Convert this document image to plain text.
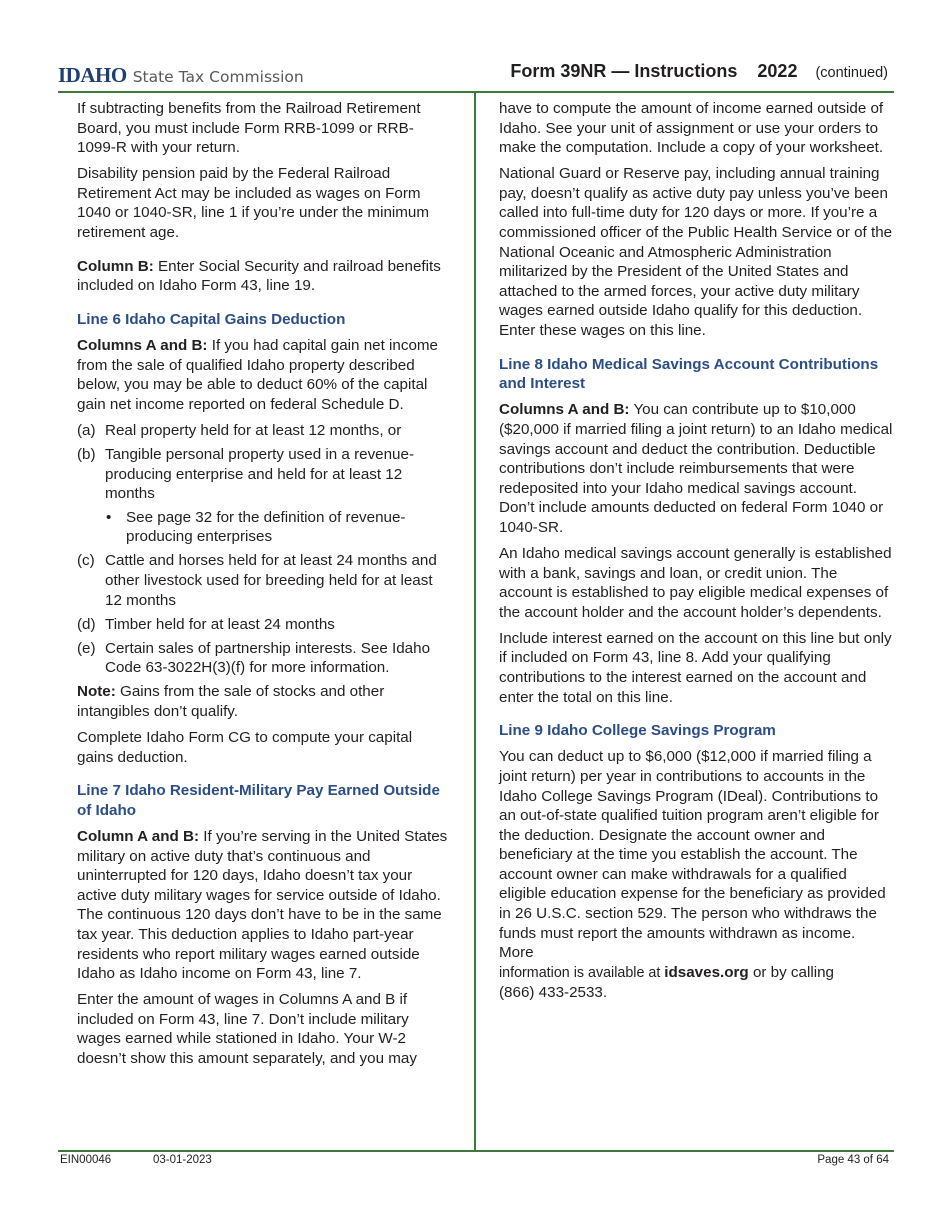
IDAHO State Tax Commission	Form 39NR — Instructions 2022 (continued)

If subtracting benefits from the Railroad Retirement Board, you must include Form RRB-1099 or RRB-1099-R with your return.

Disability pension paid by the Federal Railroad Retirement Act may be included as wages on Form 1040 or 1040-SR, line 1 if you’re under the minimum retirement age.

Column B: Enter Social Security and railroad benefits included on Idaho Form 43, line 19.

Line 6 Idaho Capital Gains Deduction

Columns A and B: If you had capital gain net income from the sale of qualified Idaho property described below, you may be able to deduct 60% of the capital gain net income reported on federal Schedule D.

(a) Real property held for at least 12 months, or
(b) Tangible personal property used in a revenue-producing enterprise and held for at least 12 months
• See page 32 for the definition of revenue-producing enterprises
(c) Cattle and horses held for at least 24 months and other livestock used for breeding held for at least 12 months
(d) Timber held for at least 24 months
(e) Certain sales of partnership interests. See Idaho Code 63-3022H(3)(f) for more information.

Note: Gains from the sale of stocks and other intangibles don’t qualify.

Complete Idaho Form CG to compute your capital gains deduction.

Line 7 Idaho Resident-Military Pay Earned Outside of Idaho

Column A and B: If you’re serving in the United States military on active duty that’s continuous and uninterrupted for 120 days, Idaho doesn’t tax your active duty military wages for service outside of Idaho. The continuous 120 days don’t have to be in the same tax year. This deduction applies to Idaho part-year residents who report military wages earned outside Idaho as Idaho income on Form 43, line 7.

Enter the amount of wages in Columns A and B if included on Form 43, line 7. Don’t include military wages earned while stationed in Idaho. Your W-2 doesn’t show this amount separately, and you may

have to compute the amount of income earned outside of Idaho. See your unit of assignment or use your orders to make the computation. Include a copy of your worksheet.

National Guard or Reserve pay, including annual training pay, doesn’t qualify as active duty pay unless you’ve been called into full-time duty for 120 days or more. If you’re a commissioned officer of the Public Health Service or of the National Oceanic and Atmospheric Administration militarized by the President of the United States and attached to the armed forces, your active duty military wages earned outside Idaho qualify for this deduction. Enter these wages on this line.

Line 8 Idaho Medical Savings Account Contributions and Interest

Columns A and B: You can contribute up to $10,000 ($20,000 if married filing a joint return) to an Idaho medical savings account and deduct the contribution. Deductible contributions don’t include reimbursements that were redeposited into your Idaho medical savings account. Don’t include amounts deducted on federal Form 1040 or 1040-SR.

An Idaho medical savings account generally is established with a bank, savings and loan, or credit union. The account is established to pay eligible medical expenses of the account holder and the account holder’s dependents.

Include interest earned on the account on this line but only if included on Form 43, line 8. Add your qualifying contributions to the interest earned on the account and enter the total on this line.

Line 9 Idaho College Savings Program

You can deduct up to $6,000 ($12,000 if married filing a joint return) per year in contributions to accounts in the Idaho College Savings Program (IDeal). Contributions to an out-of-state qualified tuition program aren’t eligible for the deduction. Designate the account owner and beneficiary at the time you establish the account. The account owner can make withdrawals for a qualified eligible education expense for the beneficiary as provided in 26 U.S.C. section 529. The person who withdraws the funds must report the amounts withdrawn as income. More
information is available at idsaves.org or by calling
(866) 433-2533.

EIN00046	03-01-2023	Page 43 of 64
